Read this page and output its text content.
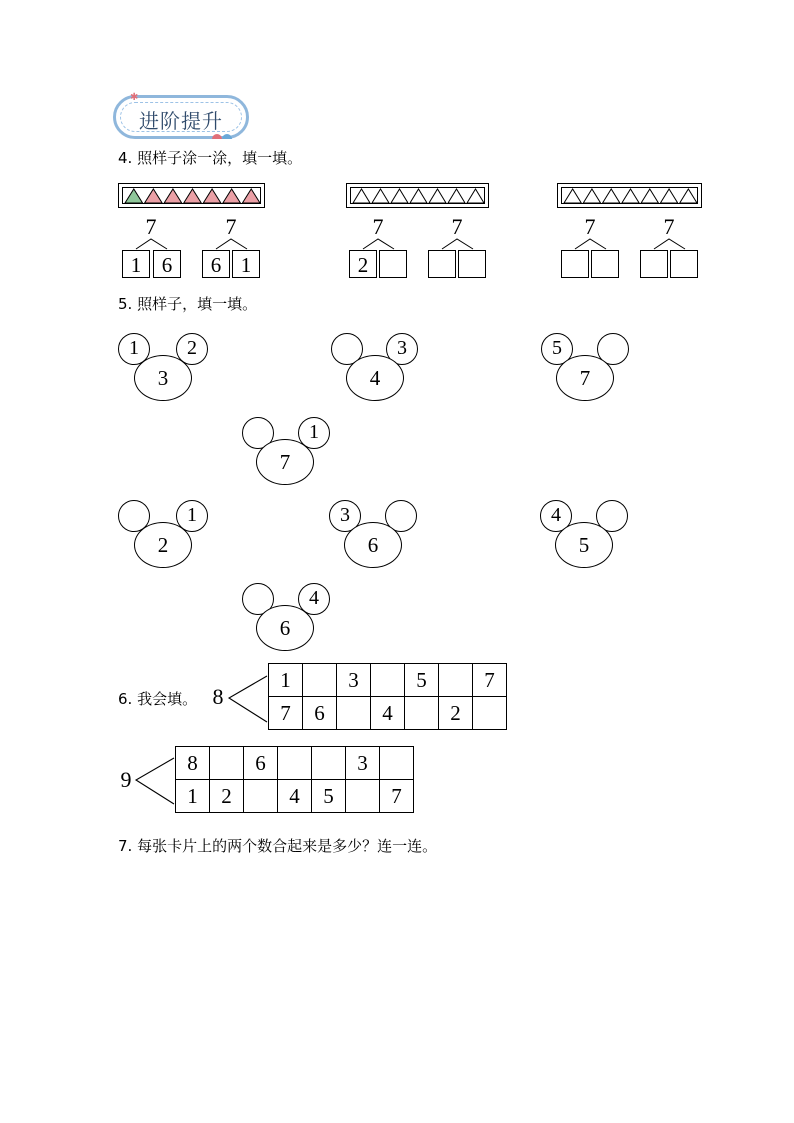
✱
进阶提升
4. 照样子涂一涂，填一填。
7
1 6
7
6 1
7
2
7	7	7
5. 照样子，填一填。
1	2
3
3
4
5
7
1
7
1
2
3
6
4
5
4
6
6. 我会填。 8
1		3		5		7
7	6		4		2	
9
8		6			3	
1	2		4	5		7
7. 每张卡片上的两个数合起来是多少？连一连。
